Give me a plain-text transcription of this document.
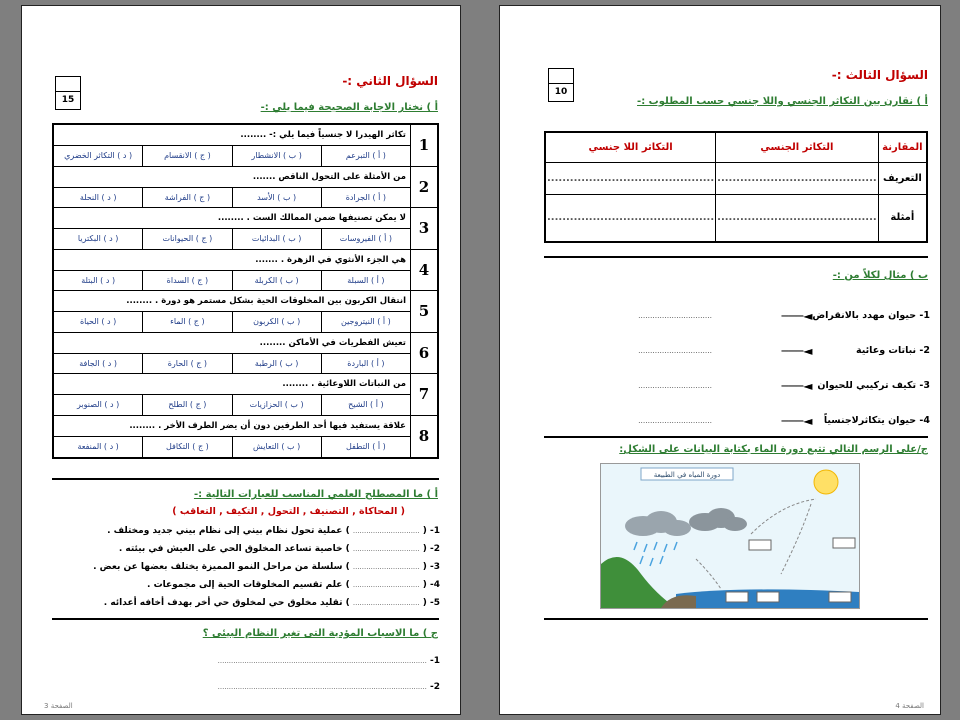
السؤال الثاني :-
15
أ ) نختار الاجابة الصحيحة فيما يلي :-
1
تكاثر الهيدرا لا جنسياً فيما يلي :- ........
( أ ) التبرعم
( ب ) الانشطار
( ج ) الانقسام
( د ) التكاثر الخضري
2
من الأمثلة على التحول الناقص .......
( أ ) الجرادة
( ب ) الأسد
( ج ) الفراشة
( د ) النحلة
3
لا يمكن تصنيفها ضمن الممالك الست . ........
( أ ) الفيروسات
( ب ) البدائيات
( ج ) الحيوانات
( د ) البكتريا
4
هي الجزء الأنثوي في الزهرة . .......
( أ ) السبلة
( ب ) الكربلة
( ج ) السداة
( د ) البتلة
5
انتقال الكربون بين المخلوقات الحية بشكل مستمر هو دورة . ........
( أ ) النيتروجين
( ب ) الكربون
( ج ) الماء
( د ) الحياة
6
تعيش الفطريات في الأماكن ........
( أ ) الباردة
( ب ) الرطبة
( ج ) الحارة
( د ) الجافة
7
من النباتات اللاوعائية . ........
( أ ) الشيح
( ب ) الحزازيات
( ج ) الطلح
( د ) الصنوبر
8
علاقة يستفيد فيها أحد الطرفين دون أن يضر الطرف الأخر . ........
( أ ) التطفل
( ب ) التعايش
( ج ) التكافل
( د ) المنفعة
أ ) ما المصطلح العلمي المناسب للعبارات التالية :-
( المحاكاة , التصنيف , التحول , التكيف , التعاقب )
1- ( .............................. ) عملية تحول نظام بيني إلى نظام بيني جديد ومختلف .
2- ( .............................. ) خاصية تساعد المخلوق الحي على العيش في بيئته .
3- ( .............................. ) سلسلة من مراحل النمو المميزة يختلف بعضها عن بعض .
4- ( .............................. ) علم تقسيم المخلوقات الحية إلى مجموعات .
5- ( .............................. ) تقليد مخلوق حي لمخلوق حي أخر بهدف أخافه أعدائه .
ج ) ما الاسباب المؤدية التى تغير النظام البيئى ؟
1- ..............................................................................................
2- ..............................................................................................
الصفحة 3
السؤال الثالث :-
10
أ ) نقارن بين التكاثر الجنسي واللا جنسي حسب المطلوب :-
المقارنة	التكاثر الجنسي	التكاثر اللا جنسي
التعريف	..........................................	............................................
أمثلة	..........................................	............................................
ب ) مثال لكلاً من :-
1- حيوان مهدد بالانقراض
◄───
...............................
2- نباتات وعائية
◄───
...............................
3- تكيف تركيبي للحيوان
◄───
...............................
4- حيوان يتكاثرلاجنسياً
◄───
...............................
ج/على الرسم التالي تتبع دورة الماء بكتابة البيانات على الشكل:
دورة المياه في الطبيعة
الصفحة 4
